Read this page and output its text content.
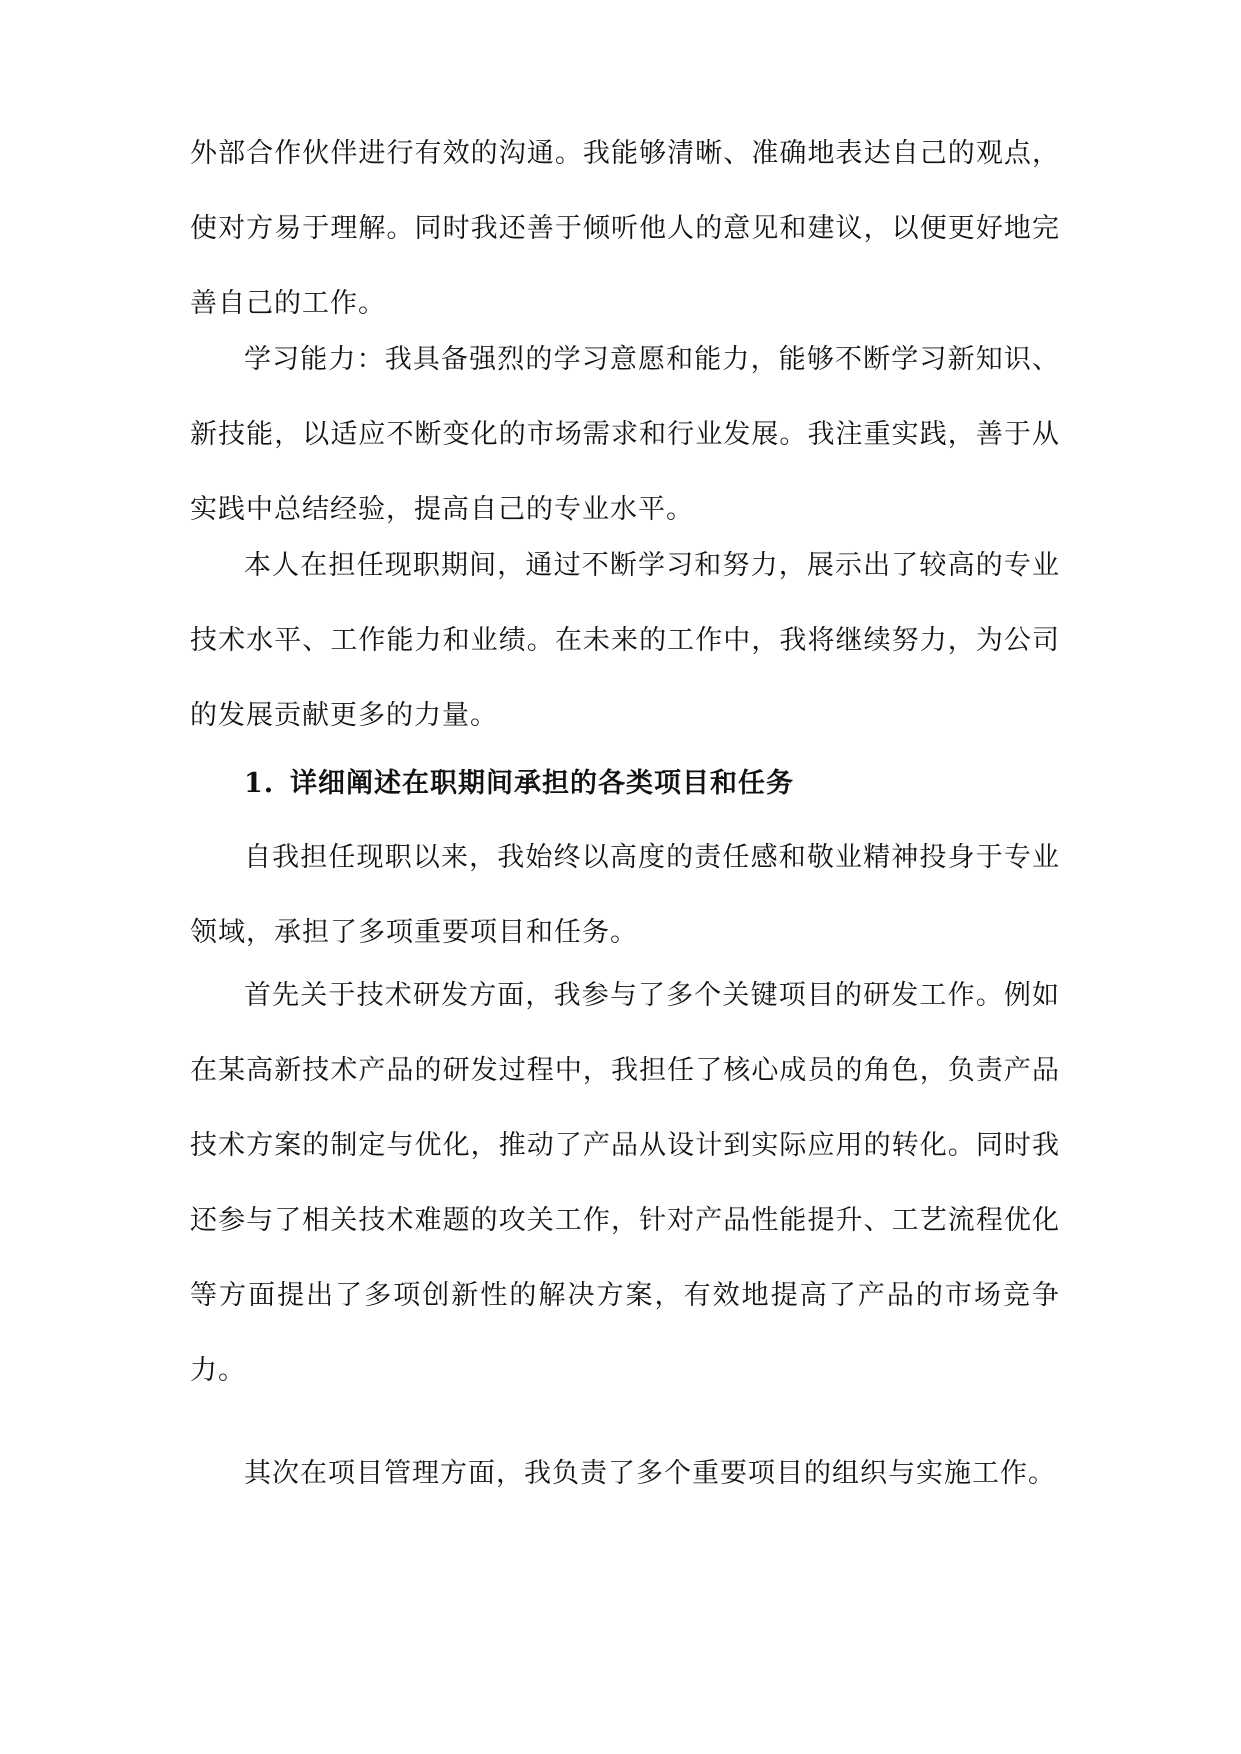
外部合作伙伴进行有效的沟通。我能够清晰、准确地表达自己的观点，使对方易于理解。同时我还善于倾听他人的意见和建议，以便更好地完善自己的工作。

学习能力：我具备强烈的学习意愿和能力，能够不断学习新知识、新技能，以适应不断变化的市场需求和行业发展。我注重实践，善于从实践中总结经验，提高自己的专业水平。

本人在担任现职期间，通过不断学习和努力，展示出了较高的专业技术水平、工作能力和业绩。在未来的工作中，我将继续努力，为公司的发展贡献更多的力量。

1. 详细阐述在职期间承担的各类项目和任务

自我担任现职以来，我始终以高度的责任感和敬业精神投身于专业领域，承担了多项重要项目和任务。

首先关于技术研发方面，我参与了多个关键项目的研发工作。例如在某高新技术产品的研发过程中，我担任了核心成员的角色，负责产品技术方案的制定与优化，推动了产品从设计到实际应用的转化。同时我还参与了相关技术难题的攻关工作，针对产品性能提升、工艺流程优化等方面提出了多项创新性的解决方案，有效地提高了产品的市场竞争力。

其次在项目管理方面，我负责了多个重要项目的组织与实施工作。
